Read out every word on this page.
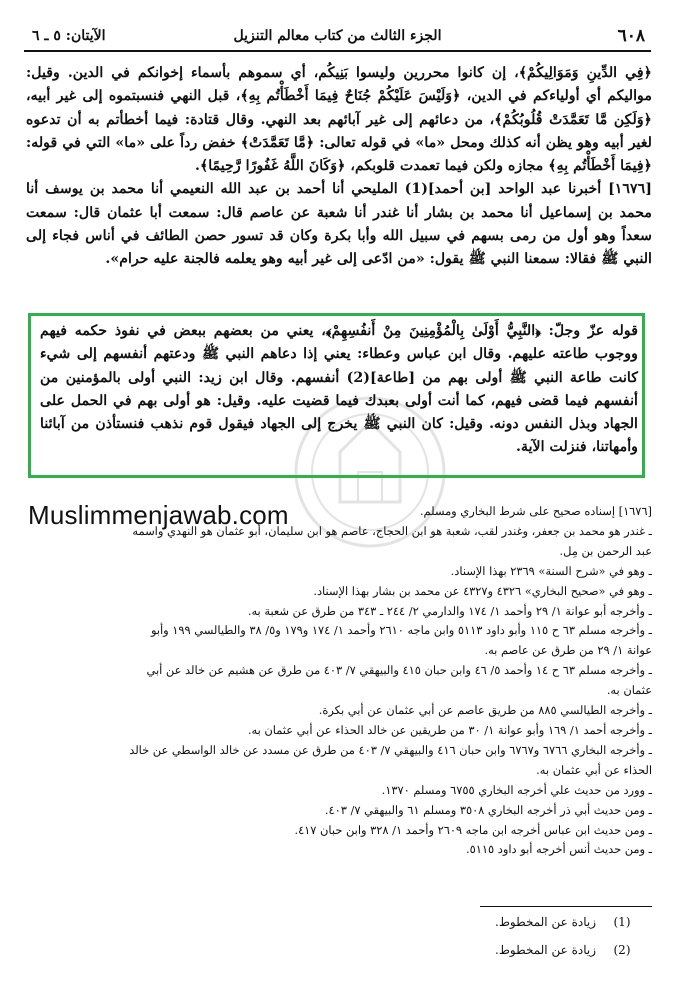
٦٠٨
الجزء الثالث من كتاب معالم التنزيل
الآيتان: ٥ ـ ٦

﴿فِي الدِّينِ وَمَوَالِيكُمْ﴾، إن كانوا محررين وليسوا بَنِيكُم، أي سموهم بأسماء إخوانكم في الدين. وقيل: مواليكم أي أولياءكم في الدين، ﴿وَلَيْسَ عَلَيْكُمْ جُنَاحٌ فِيمَا أَخْطَأْتُم بِهِ﴾، قبل النهي فنسبتموه إلى غير أبيه، ﴿وَلَكِن مَّا تَعَمَّدَتْ قُلُوبُكُمْ﴾، من دعائهم إلى غير آبائهم بعد النهي. وقال قتادة: فيما أخطأتم به أن تدعوه لغير أبيه وهو يظن أنه كذلك ومحل «ما» في قوله تعالى: ﴿مَّا تَعَمَّدَتْ﴾ خفض رداً على «ما» التي في قوله: ﴿فِيمَا أَخْطَأْتُم بِهِ﴾ مجازه ولكن فيما تعمدت قلوبكم، ﴿وَكَانَ اللَّهُ غَفُورًا رَّحِيمًا﴾.

[١٦٧٦] أخبرنا عبد الواحد [بن أحمد](1) المليحي أنا أحمد بن عبد الله النعيمي أنا محمد بن يوسف أنا محمد بن إسماعيل أنا محمد بن بشار أنا غندر أنا شعبة عن عاصم قال: سمعت أبا عثمان قال: سمعت سعداً وهو أول من رمى بسهم في سبيل الله وأبا بكرة وكان قد تسور حصن الطائف في أناس فجاء إلى النبي ﷺ فقالا: سمعنا النبي ﷺ يقول: «من ادّعى إلى غير أبيه وهو يعلمه فالجنة عليه حرام».

قوله عزّ وجلّ: ﴿النَّبِيُّ أَوْلَىٰ بِالْمُؤْمِنِينَ مِنْ أَنفُسِهِمْ﴾، يعني من بعضهم ببعض في نفوذ حكمه فيهم ووجوب طاعته عليهم. وقال ابن عباس وعطاء: يعني إذا دعاهم النبي ﷺ ودعتهم أنفسهم إلى شيء كانت طاعة النبي ﷺ أولى بهم من [طاعة](2) أنفسهم. وقال ابن زيد: النبي أولى بالمؤمنين من أنفسهم فيما قضى فيهم، كما أنت أولى بعبدك فيما قضيت عليه. وقيل: هو أولى بهم في الحمل على الجهاد وبذل النفس دونه. وقيل: كان النبي ﷺ يخرج إلى الجهاد فيقول قوم نذهب فنستأذن من آبائنا وأمهاتنا، فنزلت الآية.

Muslimmenjawab.com	[١٦٧٦] إسناده صحيح على شرط البخاري ومسلم.
ـ غندر هو محمد بن جعفر، وغندر لقب، شعبة هو ابن الحجاج، عاصم هو ابن سليمان، أبو عثمان هو النهدي واسمه
عبد الرحمن بن مِل.
ـ وهو في «شرح السنة» ٢٣٦٩ بهذا الإسناد.
ـ وهو في «صحيح البخاري» ٤٣٢٦ و٤٣٢٧ عن محمد بن بشار بهذا الإسناد.
ـ وأخرجه أبو عوانة ١/ ٢٩ وأحمد ١/ ١٧٤ والدارمي ٢/ ٢٤٤ ـ ٣٤٣ من طرق عن شعبة به.
ـ وأخرجه مسلم ٦٣ ح ١١٥ وأبو داود ٥١١٣ وابن ماجه ٢٦١٠ وأحمد ١/ ١٧٤ و١٧٩ و٥/ ٣٨ والطيالسي ١٩٩ وأبو
عوانة ١/ ٢٩ من طرق عن عاصم به.
ـ وأخرجه مسلم ٦٣ ح ١٤ وأحمد ٥/ ٤٦ وابن حبان ٤١٥ والبيهقي ٧/ ٤٠٣ من طرق عن هشيم عن خالد عن أبي
عثمان به.
ـ وأخرجه الطيالسي ٨٨٥ من طريق عاصم عن أبي عثمان عن أبي بكرة.
ـ وأخرجه أحمد ١/ ١٦٩ وأبو عوانة ١/ ٣٠ من طريقين عن خالد الحذاء عن أبي عثمان به.
ـ وأخرجه البخاري ٦٧٦٦ و٦٧٦٧ وابن حبان ٤١٦ والبيهقي ٧/ ٤٠٣ من طرق عن مسدد عن خالد الواسطي عن خالد
الحذاء عن أبي عثمان به.
ـ وورد من حديث علي أخرجه البخاري ٦٧٥٥ ومسلم ١٣٧٠.
ـ ومن حديث أبي ذر أخرجه البخاري ٣٥٠٨ ومسلم ٦١ والبيهقي ٧/ ٤٠٣.
ـ ومن حديث ابن عباس أخرجه ابن ماجه ٢٦٠٩ وأحمد ١/ ٣٢٨ وابن حبان ٤١٧.
ـ ومن حديث أنس أخرجه أبو داود ٥١١٥.
(1)
زيادة عن المخطوط.
(2)
زيادة عن المخطوط.
